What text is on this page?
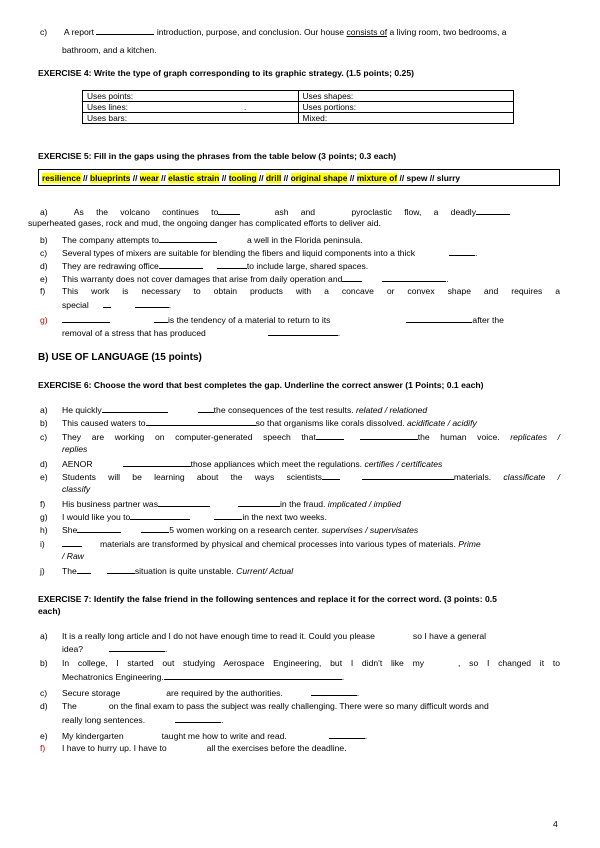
c) A report	introduction, purpose, and conclusion. Our house consists of a living room, two bedrooms, a
bathroom, and a kitchen.
EXERCISE 4: Write the type of graph corresponding to its graphic strategy. (1.5 points; 0.25)
Uses points:	Uses shapes:
Uses lines: .	Uses portions:
Uses bars:	Mixed:
EXERCISE 5: Fill in the gaps using the phrases from the table below (3 points; 0.3 each)
resilience // blueprints // wear // elastic strain // tooling // drill // original shape // mixture of // spew // slurry
a)	As the volcano continues to	ash and	pyroclastic flow, a deadly
superheated gases, rock and mud, the ongoing danger has complicated efforts to deliver aid.
b) The company attempts to	a well in the Florida peninsula.
c) Several types of mixers are suitable for blending the fibers and liquid components into a thick	.
d) They are redrawing office	to include large, shared spaces.
e) This warranty does not cover damages that arise from daily operation and	.
f) This work is necessary to obtain products with a concave or convex shape and requires a
special	.
g)	is the tendency of a material to return to its	after the
removal of a stress that has produced	.
B) USE OF LANGUAGE (15 points)
EXERCISE 6: Choose the word that best completes the gap. Underline the correct answer (1 Points; 0.1 each)
a) He quickly	the consequences of the test results. related / relationed
b) This caused waters to	so that organisms like corals dissolved. acidificate / acidify
c) They are working on computer-generated speech that	the human voice. replicates /
replies
d) AENOR	those appliances which meet the regulations. certifies / certificates
e) Students will be learning about the ways scientists	materials. classificate /
classify
f) His business partner was	in the fraud. implicated / implied
g) I would like you to	in the next two weeks.
h) She	5 women working on a research center. supervises / supervisates
i)	materials are transformed by physical and chemical processes into various types of materials. Prime
/ Raw
j) The	situation is quite unstable. Current/ Actual
EXERCISE 7: Identify the false friend in the following sentences and replace it for the correct word. (3 points: 0.5
each)
a) It is a really long article and I do not have enough time to read it. Could you please	so I have a general
idea?	.
b) In college, I started out studying Aerospace Engineering, but I didn't like my	, so I changed it to
Mechatronics Engineering.	.
c) Secure storage	are required by the authorities.	.
d) The	on the final exam to pass the subject was really challenging. There were so many difficult words and
really long sentences.	.
e) My kindergarten	taught me how to write and read.	.
f) I have to hurry up. I have to	all the exercises before the deadline.
4
